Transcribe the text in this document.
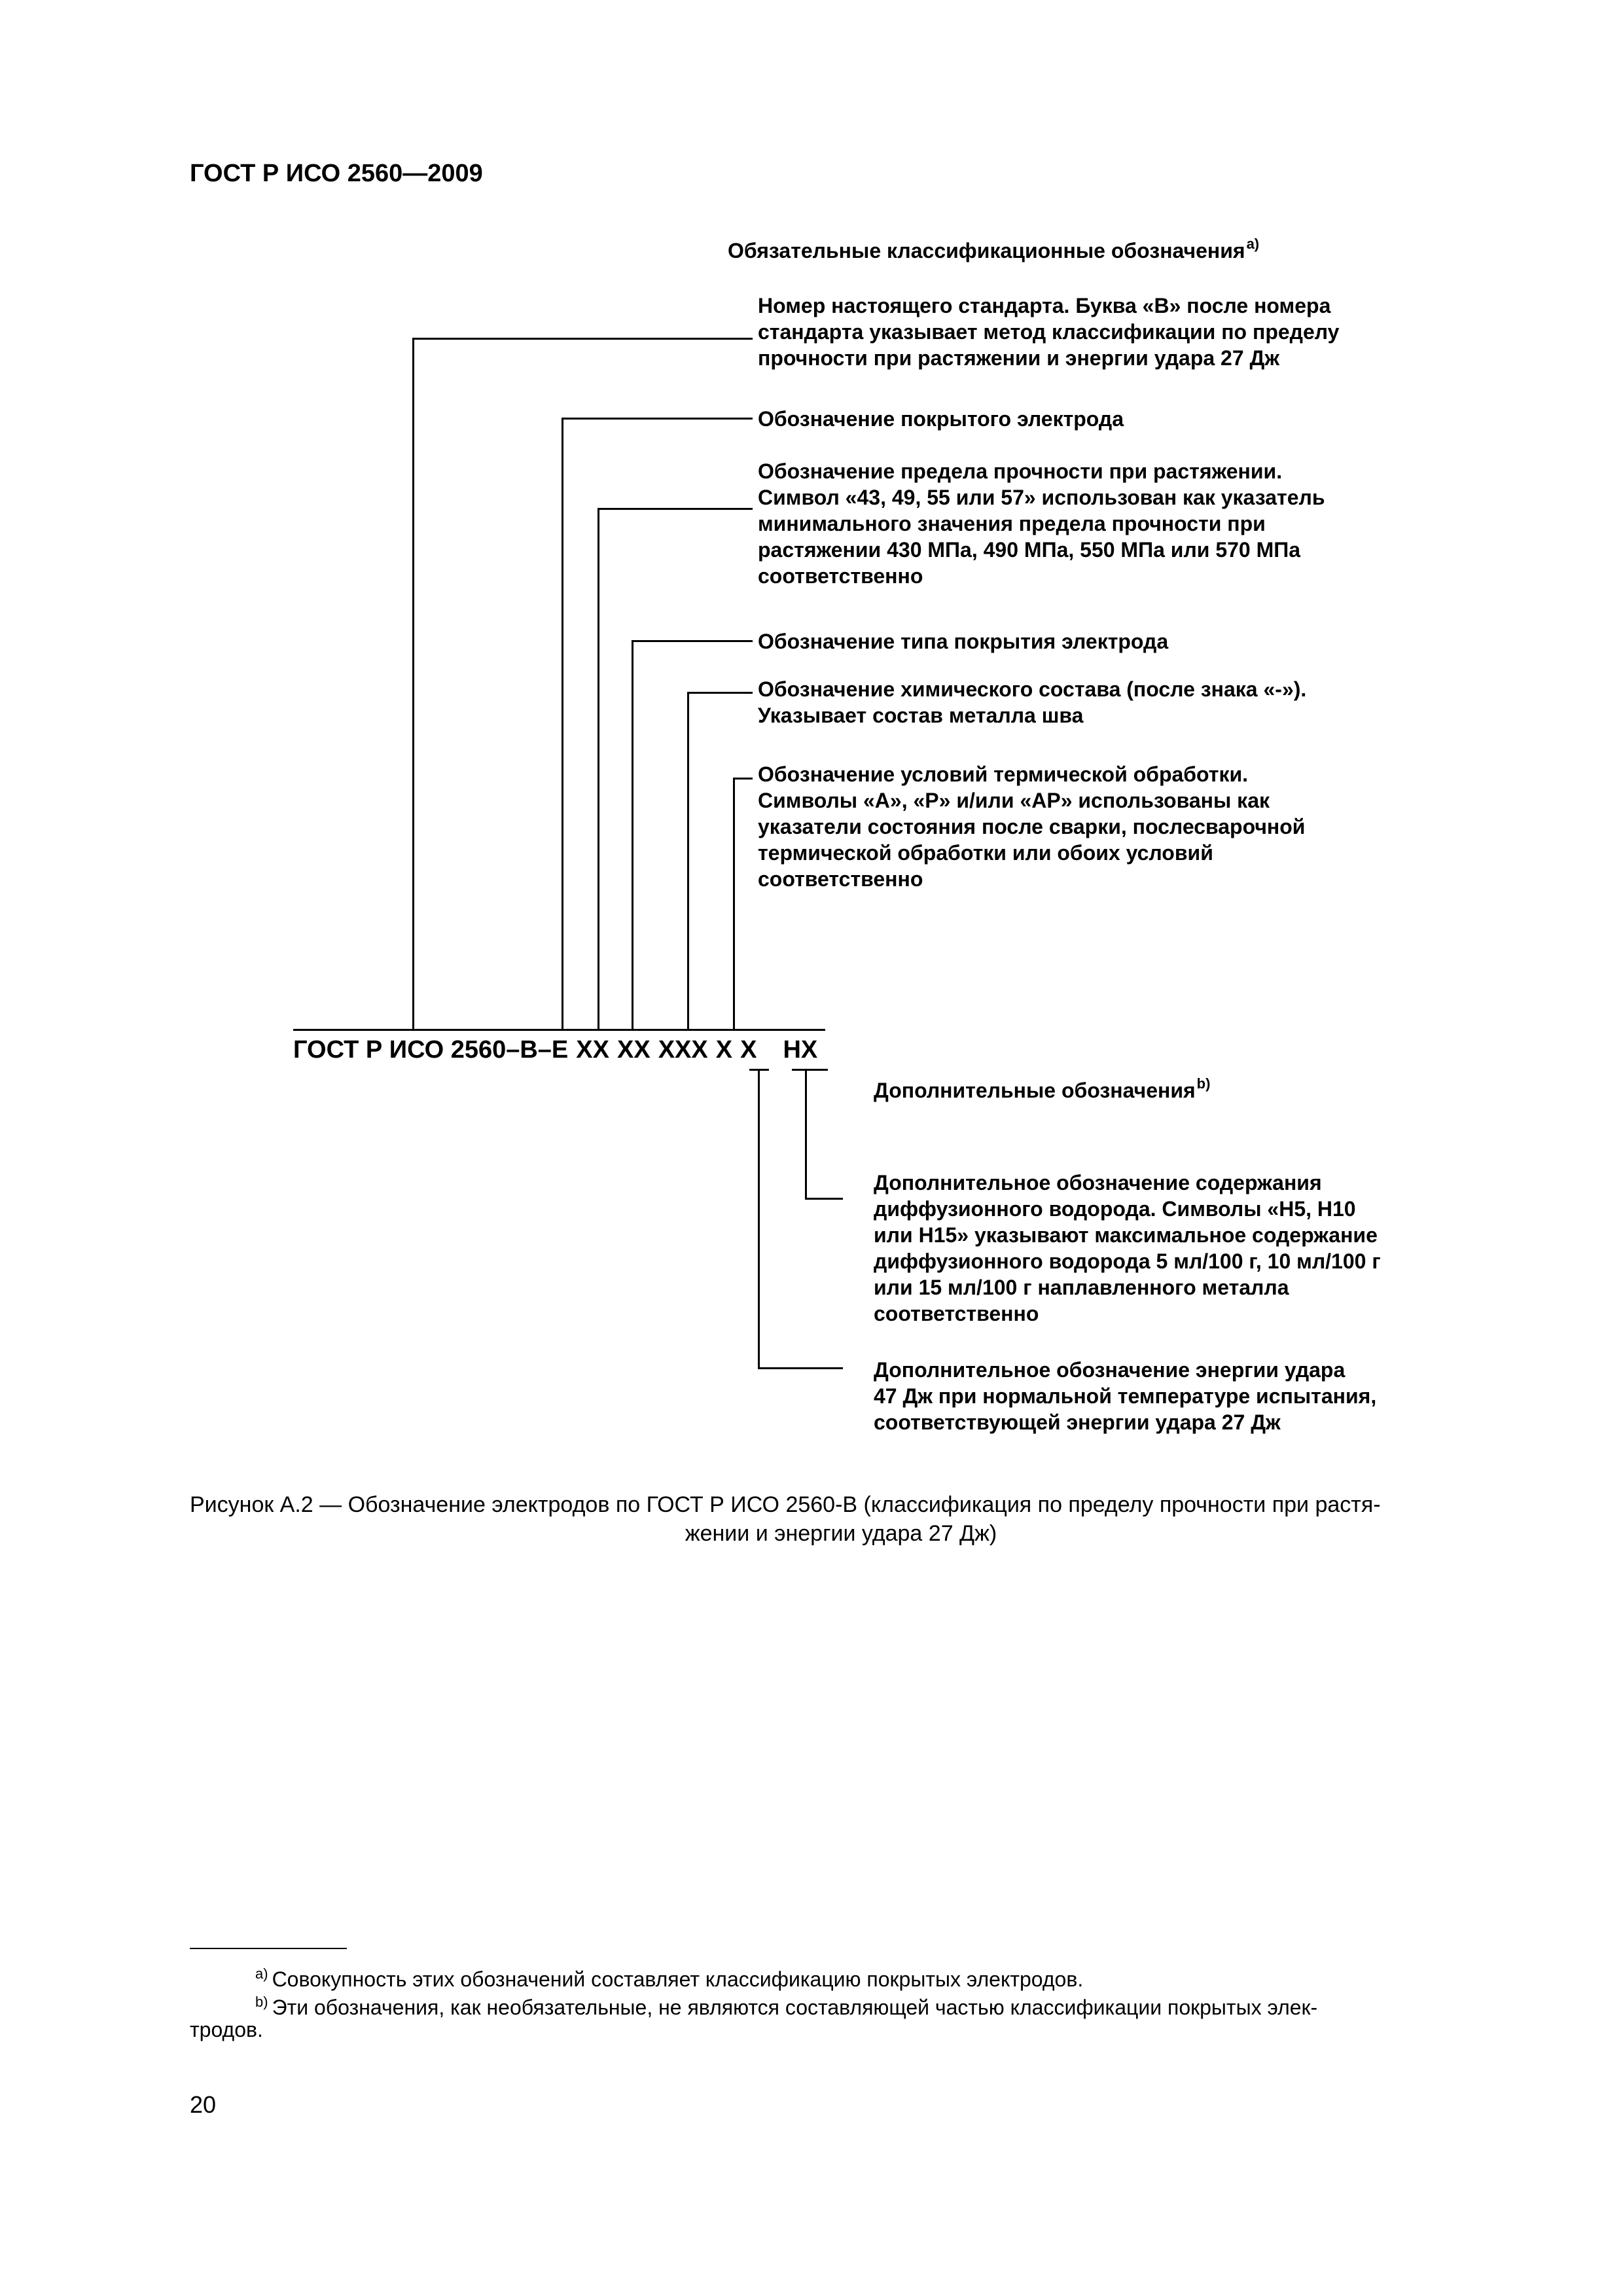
ГОСТ Р ИСО 2560—2009
Обязательные классификационные обозначения$^{a)}$
Номер настоящего стандарта. Буква «B» после номера
стандарта указывает метод классификации по пределу
прочности при растяжении и энергии удара 27 Дж
Обозначение покрытого электрода
Обозначение предела прочности при растяжении.
Символ «43, 49, 55 или 57» использован как указатель
минимального значения предела прочности при
растяжении 430 МПа, 490 МПа, 550 МПа или 570 МПа
соответственно
Обозначение типа покрытия электрода
Обозначение химического состава (после знака «-»).
Указывает состав металла шва
Обозначение условий термической обработки.
Символы «A», «P» и/или «AP» использованы как
указатели состояния после сварки, послесварочной
термической обработки или обоих условий
соответственно
ГОСТ Р ИСО 2560–В–Е XX XX XXX X X HX
Дополнительные обозначения$^{b)}$
Дополнительное обозначение содержания
диффузионного водорода. Символы «H5, H10
или H15» указывают максимальное содержание
диффузионного водорода 5 мл/100 г, 10 мл/100 г
или 15 мл/100 г наплавленного металла
соответственно
Дополнительное обозначение энергии удара
47 Дж при нормальной температуре испытания,
соответствующей энергии удара 27 Дж
Рисунок А.2 — Обозначение электродов по ГОСТ Р ИСО 2560-В (классификация по пределу прочности при растя-
жении и энергии удара 27 Дж)
$^{a)}$ Совокупность этих обозначений составляет классификацию покрытых электродов.
$^{b)}$ Эти обозначения, как необязательные, не являются составляющей частью классификации покрытых элек-
тродов.
20
